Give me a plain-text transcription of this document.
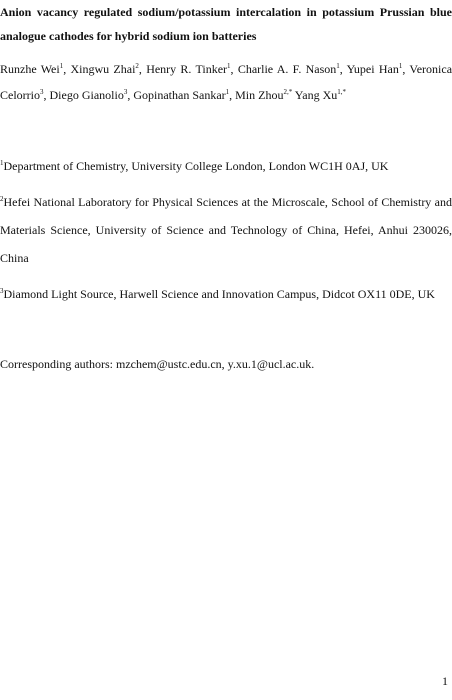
Anion vacancy regulated sodium/potassium intercalation in potassium Prussian blue analogue cathodes for hybrid sodium ion batteries

Runzhe Wei$^1$, Xingwu Zhai$^2$, Henry R. Tinker$^1$, Charlie A. F. Nason$^1$, Yupei Han$^1$, Veronica Celorrio$^3$, Diego Gianolio$^3$, Gopinathan Sankar$^1$, Min Zhou$^{2,*}$ Yang $Xu^{1,*}$

$^1$Department of Chemistry, University College London, London WC1H 0AJ, UK

$^2$Hefei National Laboratory for Physical Sciences at the Microscale, School of Chemistry and Materials Science, University of Science and Technology of China, Hefei, Anhui 230026, China

$^3$Diamond Light Source, Harwell Science and Innovation Campus, Didcot OX11 0DE, UK

Corresponding authors: mzchem@ustc.edu.cn, y.xu.1@ucl.ac.uk.

1
